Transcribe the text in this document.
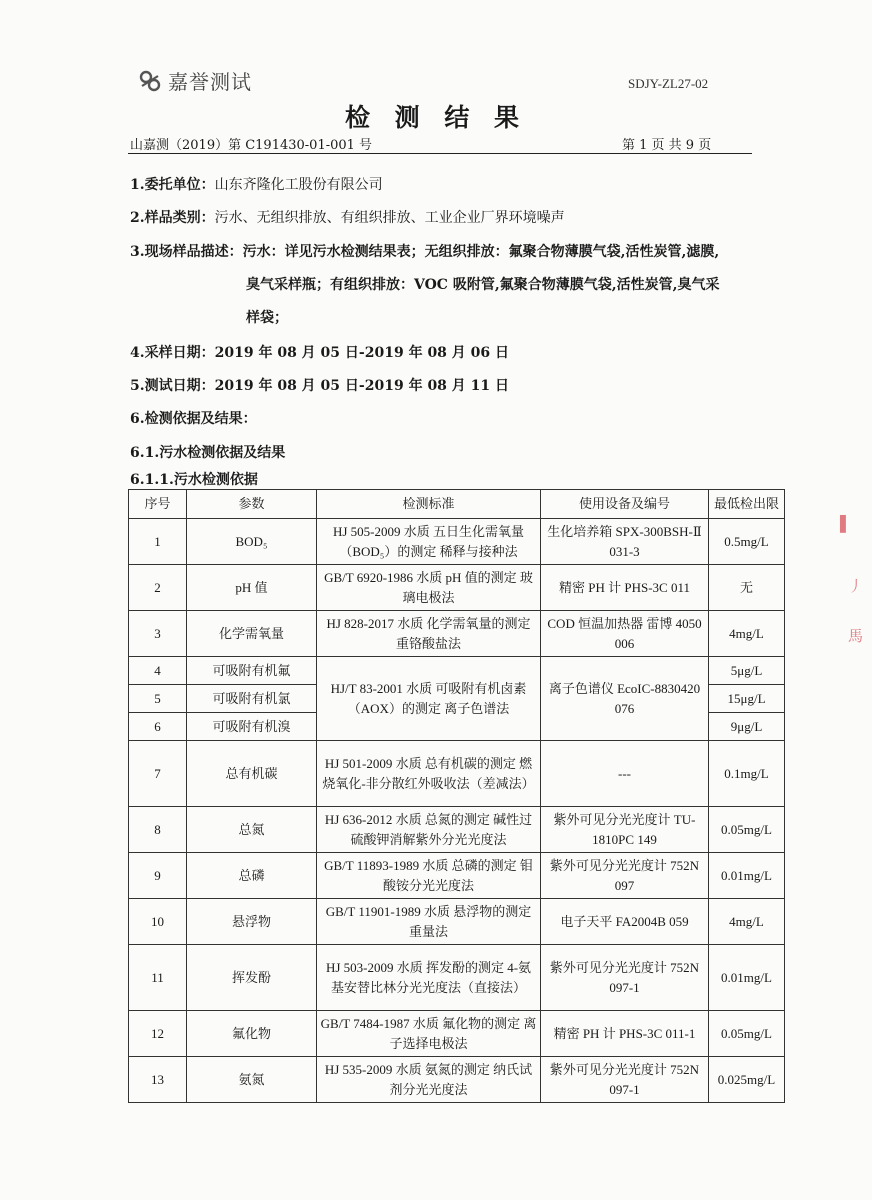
嘉誉测试	SDJY-ZL27-02
检 测 结 果
山嘉测（2019）第 C191430-01-001 号	第 1 页 共 9 页
1.委托单位：山东齐隆化工股份有限公司
2.样品类别：污水、无组织排放、有组织排放、工业企业厂界环境噪声
3.现场样品描述：污水：详见污水检测结果表；无组织排放：氟聚合物薄膜气袋,活性炭管,滤膜,
臭气采样瓶；有组织排放：VOC 吸附管,氟聚合物薄膜气袋,活性炭管,臭气采
样袋；
4.采样日期：2019 年 08 月 05 日-2019 年 08 月 06 日
5.测试日期：2019 年 08 月 05 日-2019 年 08 月 11 日
6.检测依据及结果：
6.1.污水检测依据及结果
6.1.1.污水检测依据
序号	参数	检测标准	使用设备及编号	最低检出限
1	BOD₅	HJ 505-2009 水质 五日生化需氧量（BOD₅）的测定 稀释与接种法	生化培养箱 SPX-300BSH-Ⅱ 031-3	0.5mg/L
2	pH 值	GB/T 6920-1986 水质 pH 值的测定 玻璃电极法	精密 PH 计 PHS-3C 011	无
3	化学需氧量	HJ 828-2017 水质 化学需氧量的测定 重铬酸盐法	COD 恒温加热器 雷博 4050 006	4mg/L
4	可吸附有机氟	HJ/T 83-2001 水质 可吸附有机卤素（AOX）的测定 离子色谱法	离子色谱仪 EcoIC-8830420 076	5μg/L
5	可吸附有机氯			15μg/L
6	可吸附有机溴			9μg/L
7	总有机碳	HJ 501-2009 水质 总有机碳的测定 燃烧氧化-非分散红外吸收法（差减法）	---	0.1mg/L
8	总氮	HJ 636-2012 水质 总氮的测定 碱性过硫酸钾消解紫外分光光度法	紫外可见分光光度计 TU-1810PC 149	0.05mg/L
9	总磷	GB/T 11893-1989 水质 总磷的测定 钼酸铵分光光度法	紫外可见分光光度计 752N 097	0.01mg/L
10	悬浮物	GB/T 11901-1989 水质 悬浮物的测定 重量法	电子天平 FA2004B 059	4mg/L
11	挥发酚	HJ 503-2009 水质 挥发酚的测定 4-氨基安替比林分光光度法（直接法）	紫外可见分光光度计 752N 097-1	0.01mg/L
12	氟化物	GB/T 7484-1987 水质 氟化物的测定 离子选择电极法	精密 PH 计 PHS-3C 011-1	0.05mg/L
13	氨氮	HJ 535-2009 水质 氨氮的测定 纳氏试剂分光光度法	紫外可见分光光度计 752N 097-1	0.025mg/L
▌
丿
馬
